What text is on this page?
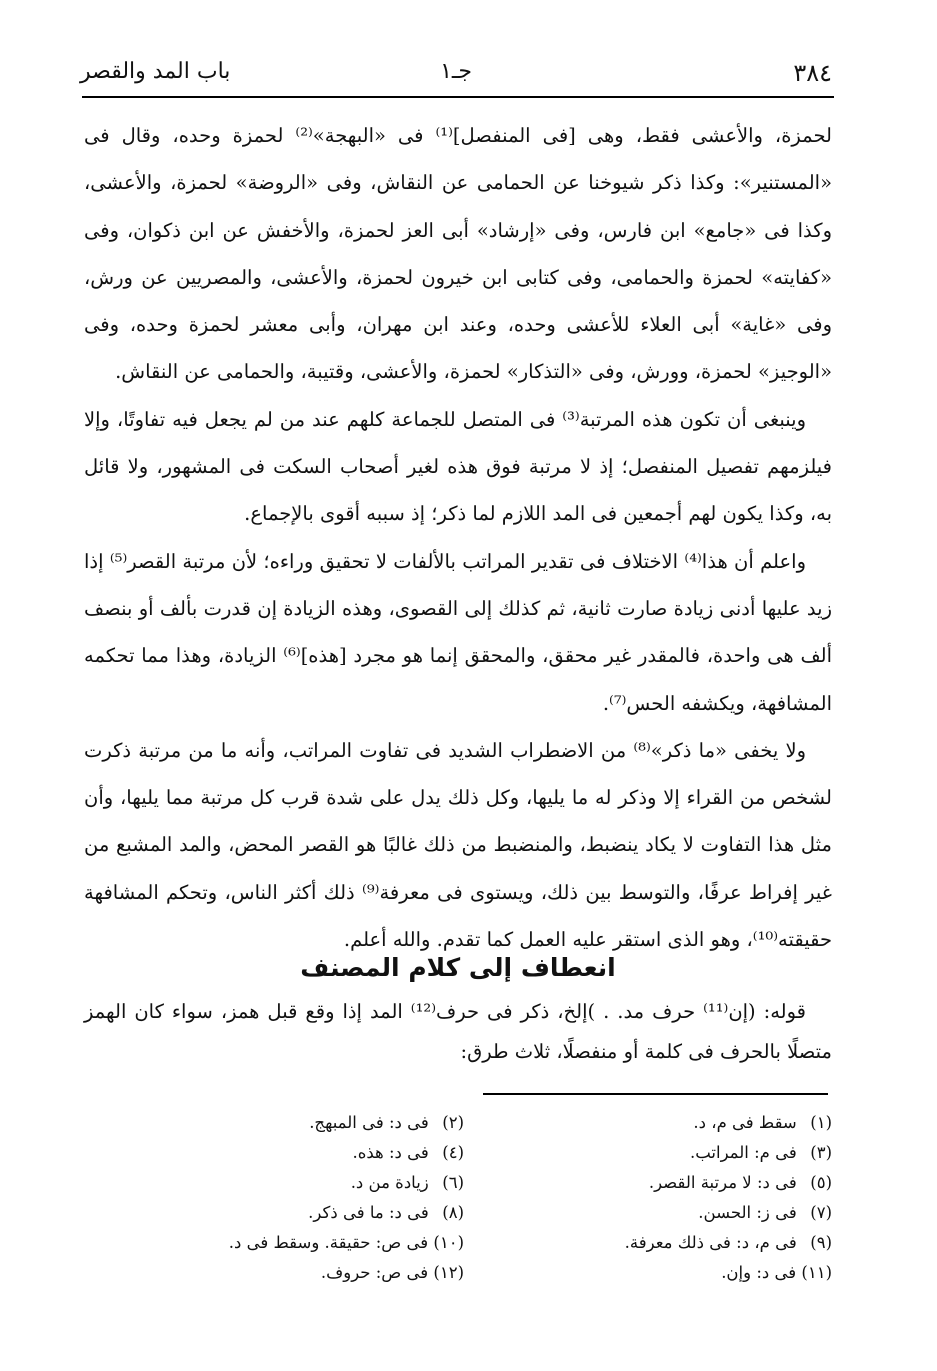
٣٨٤
جـ١
باب المد والقصر

لحمزة، والأعشى فقط، وهى [فى المنفصل]⁽¹⁾ فى «البهجة»⁽²⁾ لحمزة وحده، وقال فى «المستنير»: وكذا ذكر شيوخنا عن الحمامى عن النقاش، وفى «الروضة» لحمزة، والأعشى، وكذا فى «جامع» ابن فارس، وفى «إرشاد» أبى العز لحمزة، والأخفش عن ابن ذكوان، وفى «كفايته» لحمزة والحمامى، وفى كتابى ابن خيرون لحمزة، والأعشى، والمصريين عن ورش، وفى «غاية» أبى العلاء للأعشى وحده، وعند ابن مهران، وأبى معشر لحمزة وحده، وفى «الوجيز» لحمزة، وورش، وفى «التذكار» لحمزة، والأعشى، وقتيبة، والحمامى عن النقاش.

وينبغى أن تكون هذه المرتبة⁽³⁾ فى المتصل للجماعة كلهم عند من لم يجعل فيه تفاوتًا، وإلا فيلزمهم تفصيل المنفصل؛ إذ لا مرتبة فوق هذه لغير أصحاب السكت فى المشهور، ولا قائل به، وكذا يكون لهم أجمعين فى المد اللازم لما ذكر؛ إذ سببه أقوى بالإجماع.

واعلم أن هذا⁽⁴⁾ الاختلاف فى تقدير المراتب بالألفات لا تحقيق وراءه؛ لأن مرتبة القصر⁽⁵⁾ إذا زيد عليها أدنى زيادة صارت ثانية، ثم كذلك إلى القصوى، وهذه الزيادة إن قدرت بألف أو بنصف ألف هى واحدة، فالمقدر غير محقق، والمحقق إنما هو مجرد [هذه]⁽⁶⁾ الزيادة، وهذا مما تحكمه المشافهة، ويكشفه الحس⁽⁷⁾.

ولا يخفى «ما ذكر»⁽⁸⁾ من الاضطراب الشديد فى تفاوت المراتب، وأنه ما من مرتبة ذكرت لشخص من القراء إلا وذكر له ما يليها، وكل ذلك يدل على شدة قرب كل مرتبة مما يليها، وأن مثل هذا التفاوت لا يكاد ينضبط، والمنضبط من ذلك غالبًا هو القصر المحض، والمد المشبع من غير إفراط عرفًا، والتوسط بين ذلك، ويستوى فى معرفة⁽⁹⁾ ذلك أكثر الناس، وتحكم المشافهة حقيقته⁽¹⁰⁾، وهو الذى استقر عليه العمل كما تقدم. والله أعلم.

انعطاف إلى كلام المصنف

قوله: (إن⁽¹¹⁾ حرف مد. . )إلخ، ذكر فى حرف⁽¹²⁾ المد إذا وقع قبل همز، سواء كان الهمز متصلًا بالحرف فى كلمة أو منفصلًا، ثلاث طرق:

(١) سقط فى م، د.
(٣) فى م: المراتب.
(٥) فى د: لا مرتبة القصر.
(٧) فى ز: الحسن.
(٩) فى م، د: فى ذلك معرفة.
(١١) فى د: وإن.
(٢) فى د: فى المبهج.
(٤) فى د: هذه.
(٦) زيادة من د.
(٨) فى د: ما فى ذكر.
(١٠) فى ص: حقيقة. وسقط فى د.
(١٢) فى ص: حروف.
